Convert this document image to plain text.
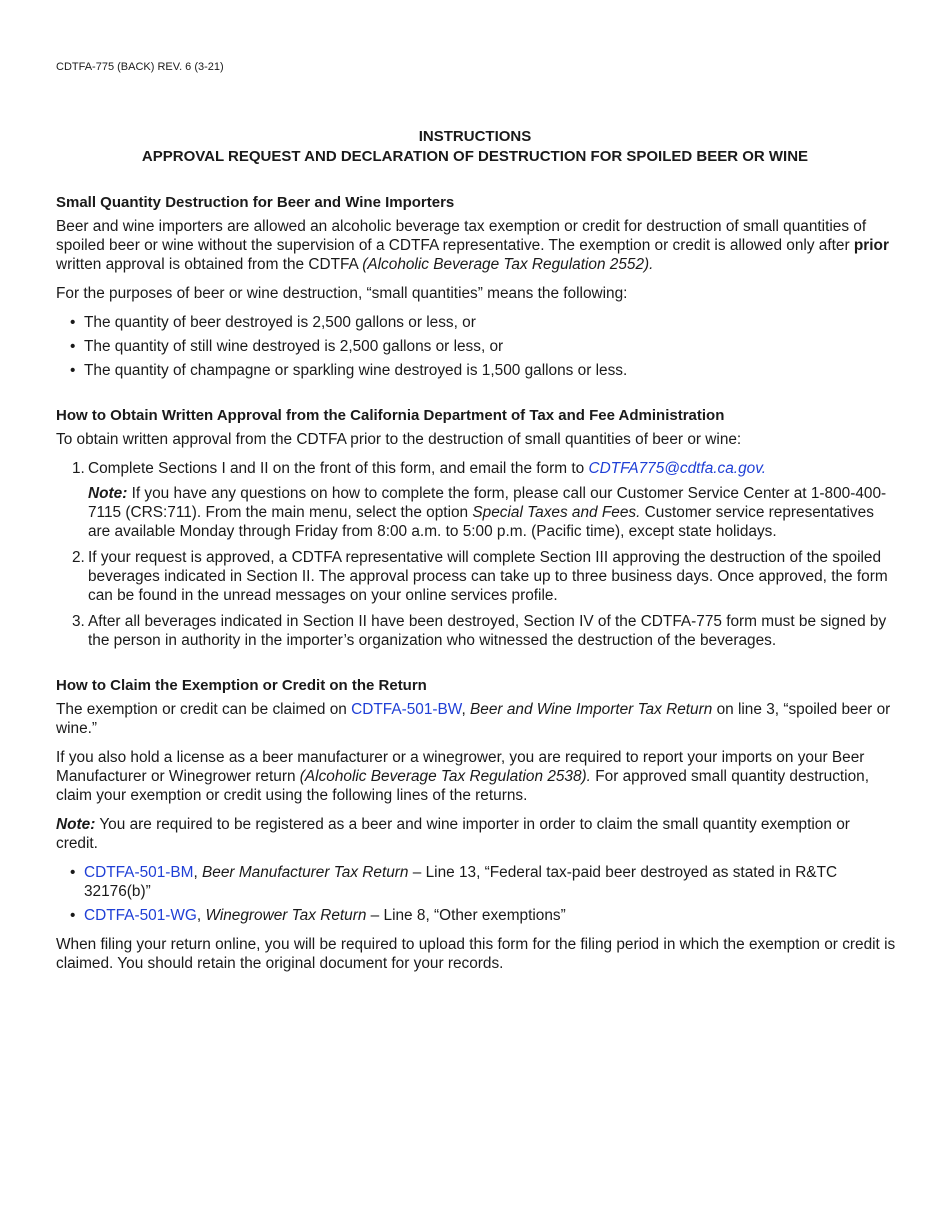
CDTFA-775 (BACK) REV. 6 (3-21)
INSTRUCTIONS
APPROVAL REQUEST AND DECLARATION OF DESTRUCTION FOR SPOILED BEER OR WINE
Small Quantity Destruction for Beer and Wine Importers

Beer and wine importers are allowed an alcoholic beverage tax exemption or credit for destruction of small quantities of spoiled beer or wine without the supervision of a CDTFA representative. The exemption or credit is allowed only after prior written approval is obtained from the CDTFA (Alcoholic Beverage Tax Regulation 2552).

For the purposes of beer or wine destruction, “small quantities” means the following:

• The quantity of beer destroyed is 2,500 gallons or less, or
• The quantity of still wine destroyed is 2,500 gallons or less, or
• The quantity of champagne or sparkling wine destroyed is 1,500 gallons or less.
How to Obtain Written Approval from the California Department of Tax and Fee Administration

To obtain written approval from the CDTFA prior to the destruction of small quantities of beer or wine:

1. Complete Sections I and II on the front of this form, and email the form to CDTFA775@cdtfa.ca.gov.
Note: If you have any questions on how to complete the form, please call our Customer Service Center at 1-800-400-7115 (CRS:711). From the main menu, select the option Special Taxes and Fees. Customer service representatives are available Monday through Friday from 8:00 a.m. to 5:00 p.m. (Pacific time), except state holidays.
2. If your request is approved, a CDTFA representative will complete Section III approving the destruction of the spoiled beverages indicated in Section II. The approval process can take up to three business days. Once approved, the form can be found in the unread messages on your online services profile.
3. After all beverages indicated in Section II have been destroyed, Section IV of the CDTFA-775 form must be signed by the person in authority in the importer’s organization who witnessed the destruction of the beverages.
How to Claim the Exemption or Credit on the Return

The exemption or credit can be claimed on CDTFA-501-BW, Beer and Wine Importer Tax Return on line 3, “spoiled beer or wine.”

If you also hold a license as a beer manufacturer or a winegrower, you are required to report your imports on your Beer Manufacturer or Winegrower return (Alcoholic Beverage Tax Regulation 2538). For approved small quantity destruction, claim your exemption or credit using the following lines of the returns.

Note: You are required to be registered as a beer and wine importer in order to claim the small quantity exemption or credit.

• CDTFA-501-BM, Beer Manufacturer Tax Return – Line 13, “Federal tax-paid beer destroyed as stated in R&TC 32176(b)”
• CDTFA-501-WG, Winegrower Tax Return – Line 8, “Other exemptions”

When filing your return online, you will be required to upload this form for the filing period in which the exemption or credit is claimed. You should retain the original document for your records.
